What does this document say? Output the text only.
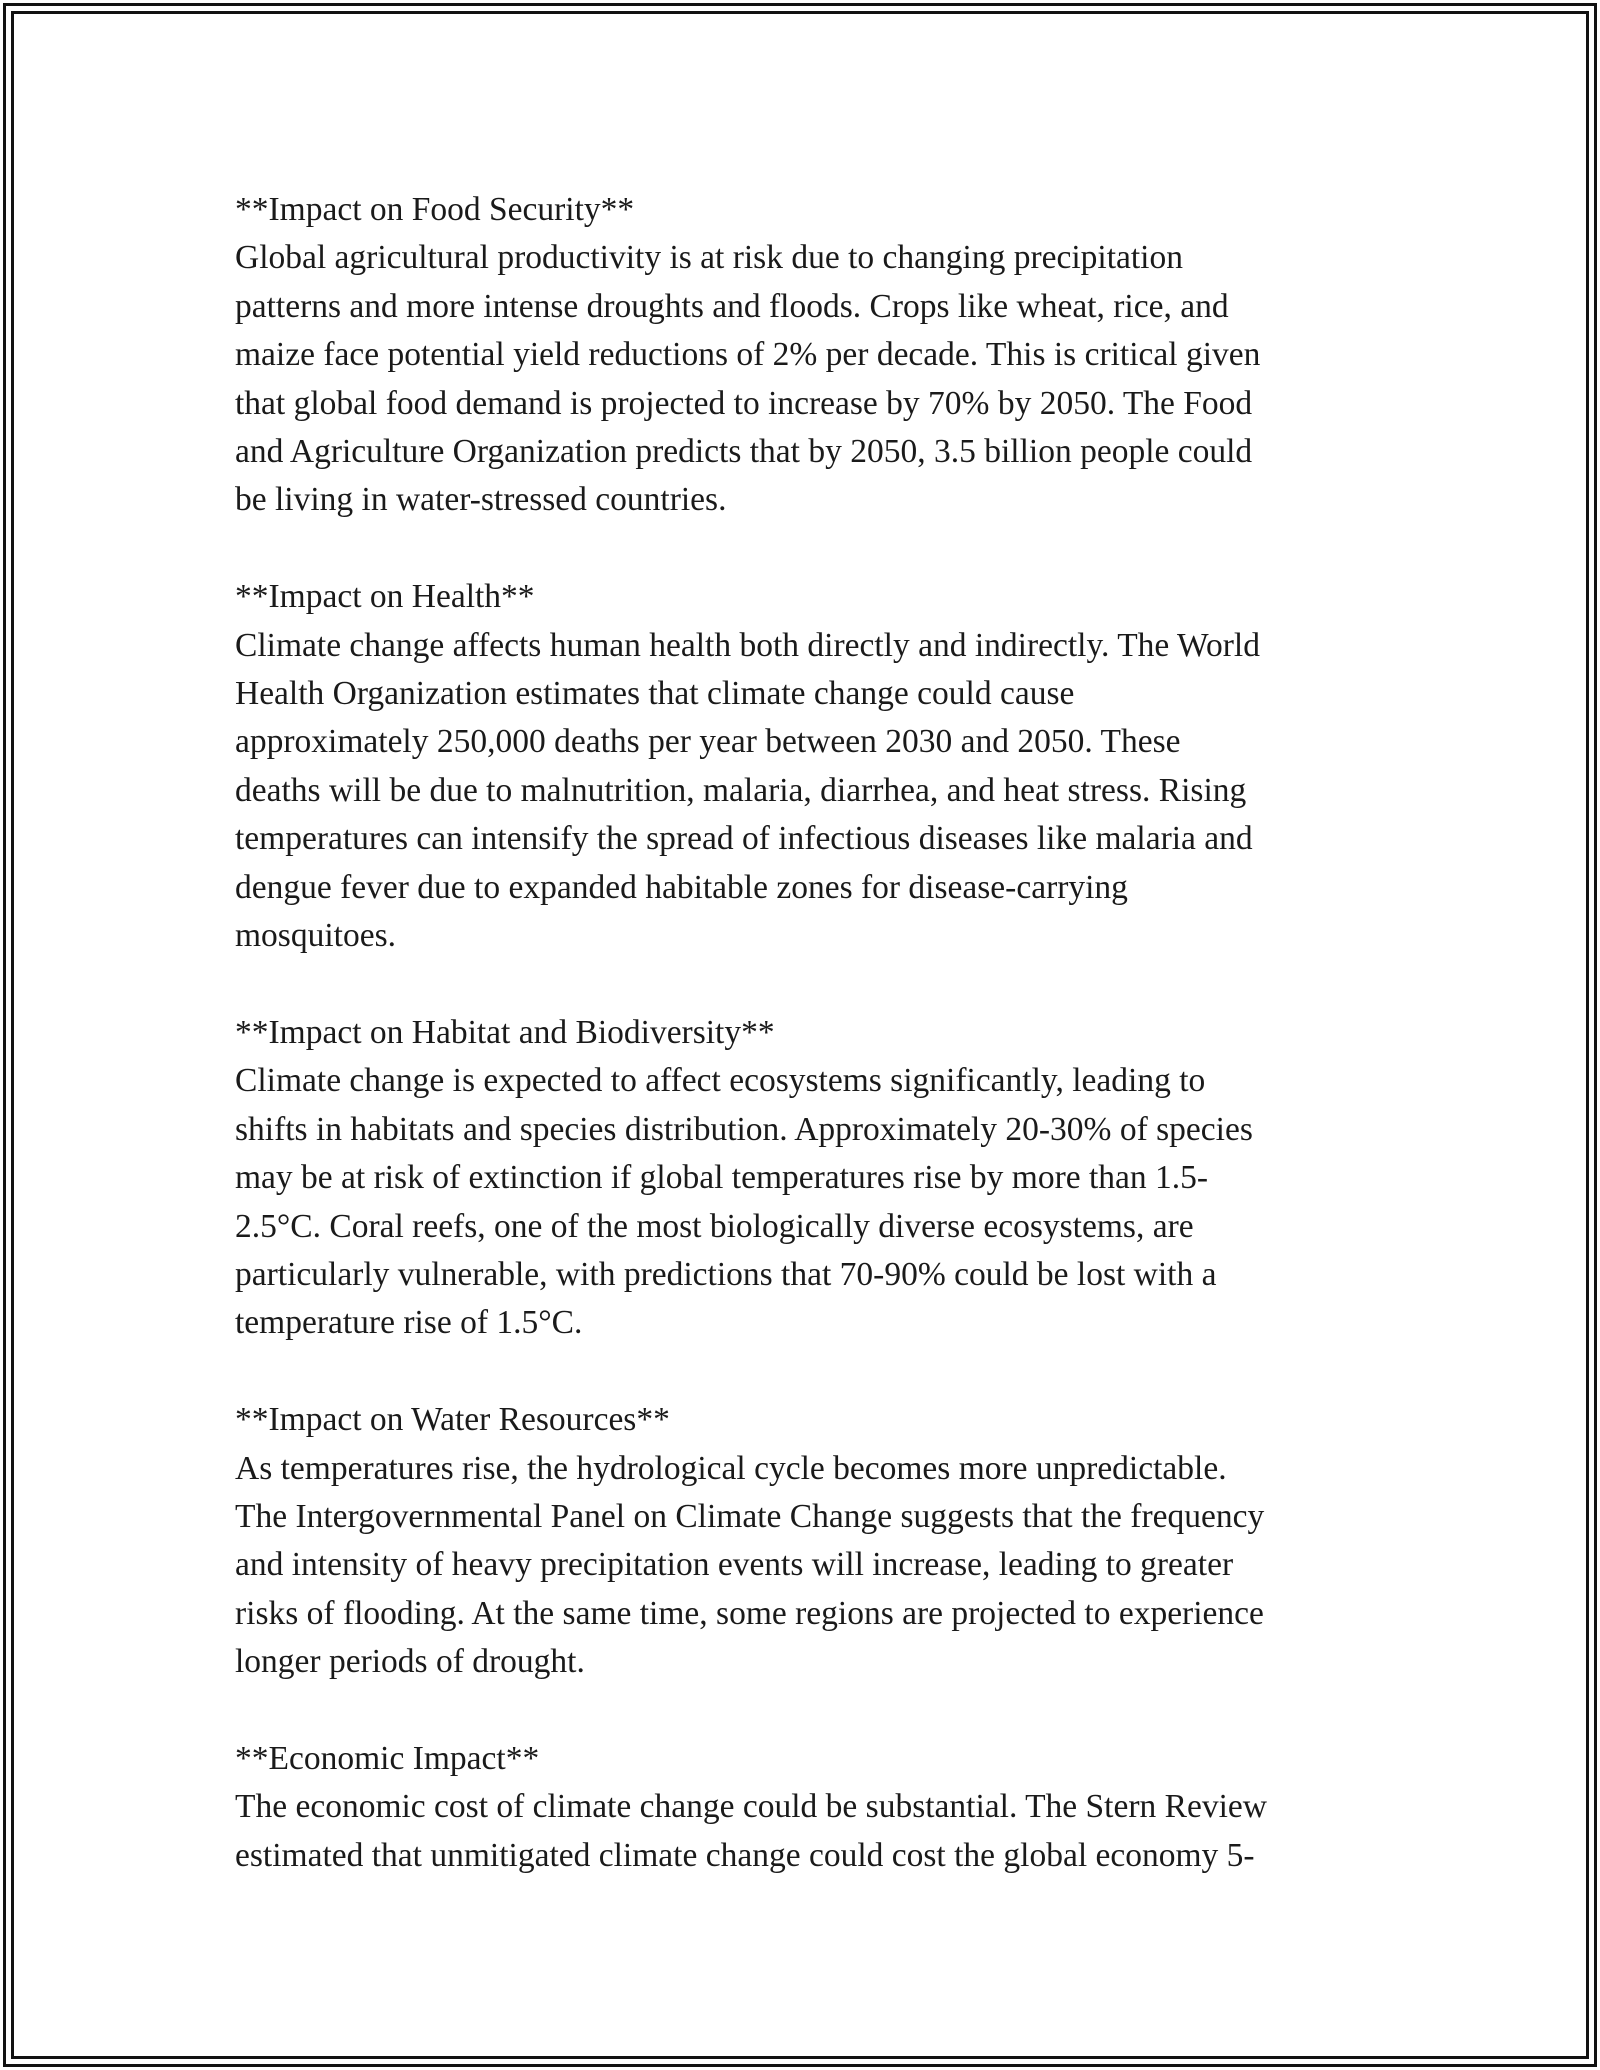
**Impact on Food Security**

Global agricultural productivity is at risk due to changing precipitation
patterns and more intense droughts and floods. Crops like wheat, rice, and
maize face potential yield reductions of 2% per decade. This is critical given
that global food demand is projected to increase by 70% by 2050. The Food
and Agriculture Organization predicts that by 2050, 3.5 billion people could
be living in water-stressed countries.

**Impact on Health**

Climate change affects human health both directly and indirectly. The World
Health Organization estimates that climate change could cause
approximately 250,000 deaths per year between 2030 and 2050. These
deaths will be due to malnutrition, malaria, diarrhea, and heat stress. Rising
temperatures can intensify the spread of infectious diseases like malaria and
dengue fever due to expanded habitable zones for disease-carrying
mosquitoes.

**Impact on Habitat and Biodiversity**

Climate change is expected to affect ecosystems significantly, leading to
shifts in habitats and species distribution. Approximately 20-30% of species
may be at risk of extinction if global temperatures rise by more than 1.5-
2.5°C. Coral reefs, one of the most biologically diverse ecosystems, are
particularly vulnerable, with predictions that 70-90% could be lost with a
temperature rise of 1.5°C.

**Impact on Water Resources**

As temperatures rise, the hydrological cycle becomes more unpredictable.
The Intergovernmental Panel on Climate Change suggests that the frequency
and intensity of heavy precipitation events will increase, leading to greater
risks of flooding. At the same time, some regions are projected to experience
longer periods of drought.

**Economic Impact**

The economic cost of climate change could be substantial. The Stern Review
estimated that unmitigated climate change could cost the global economy 5-
